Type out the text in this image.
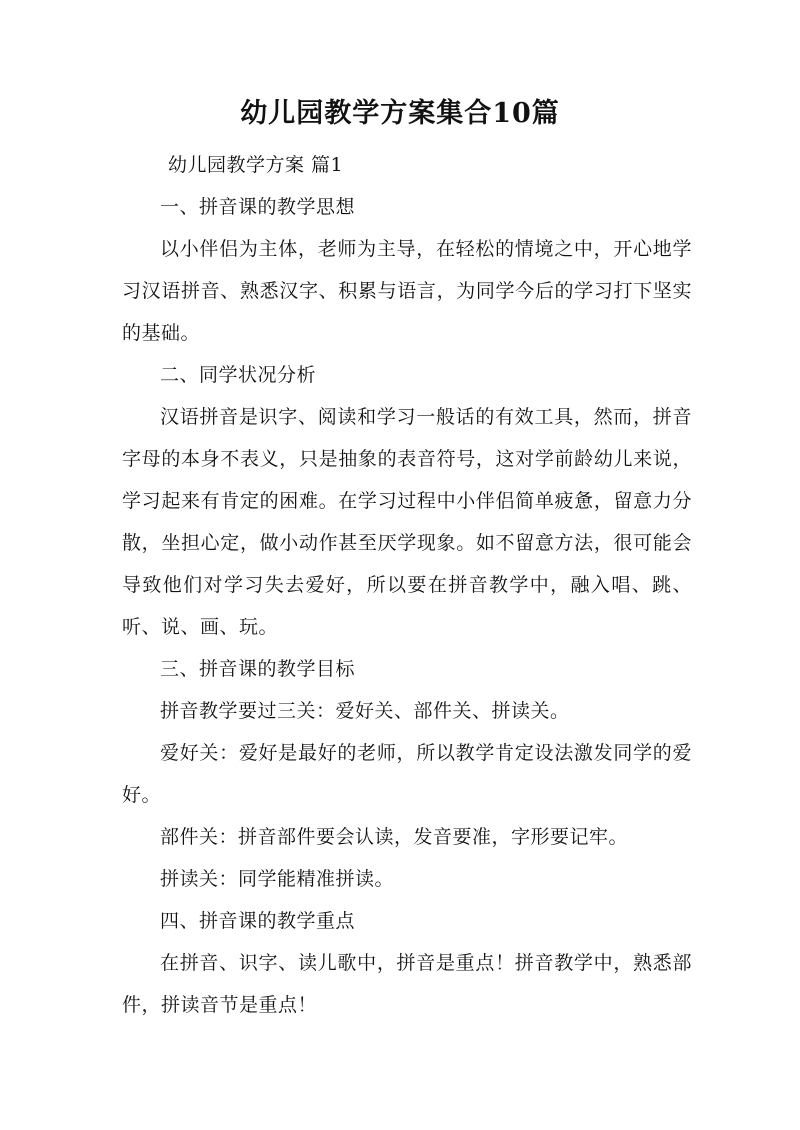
幼儿园教学方案集合10篇

幼儿园教学方案 篇1

一、拼音课的教学思想

以小伴侣为主体，老师为主导，在轻松的情境之中，开心地学习汉语拼音、熟悉汉字、积累与语言，为同学今后的学习打下坚实的基础。

二、同学状况分析

汉语拼音是识字、阅读和学习一般话的有效工具，然而，拼音字母的本身不表义，只是抽象的表音符号，这对学前龄幼儿来说，学习起来有肯定的困难。在学习过程中小伴侣简单疲惫，留意力分散，坐担心定，做小动作甚至厌学现象。如不留意方法，很可能会导致他们对学习失去爱好，所以要在拼音教学中，融入唱、跳、听、说、画、玩。

三、拼音课的教学目标

拼音教学要过三关：爱好关、部件关、拼读关。

爱好关：爱好是最好的老师，所以教学肯定设法激发同学的爱好。

部件关：拼音部件要会认读，发音要准，字形要记牢。

拼读关：同学能精准拼读。

四、拼音课的教学重点

在拼音、识字、读儿歌中，拼音是重点！拼音教学中，熟悉部件，拼读音节是重点！
